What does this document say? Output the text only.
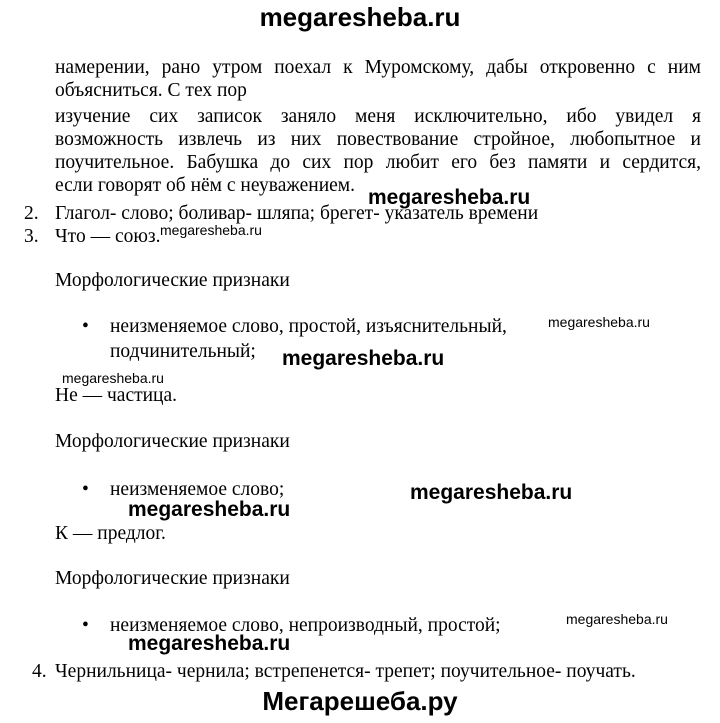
megaresheba.ru
намерении, рано утром поехал к Муромскому, дабы откровенно с ним
объясниться. С тех пор
изучение сих записок заняло меня исключительно, ибо увидел я
возможность извлечь из них повествование стройное, любопытное и
поучительное. Бабушка до сих пор любит его без памяти и сердится,
если говорят об нём с неуважением.
megaresheba.ru
2. Глагол- слово; боливар- шляпа; брегет- указатель времени
3. Что — союз. megaresheba.ru
Морфологические признаки
• неизменяемое слово, простой, изъяснительный,	megaresheba.ru
подчинительный; megaresheba.ru
megaresheba.ru
Не — частица.
Морфологические признаки
• неизменяемое слово;	megaresheba.ru
megaresheba.ru
К — предлог.
Морфологические признаки
• неизменяемое слово, непроизводный, простой;	megaresheba.ru
megaresheba.ru
4. Чернильница- чернила; встрепенется- трепет; поучительное- поучать.
Мегарешеба.ру
